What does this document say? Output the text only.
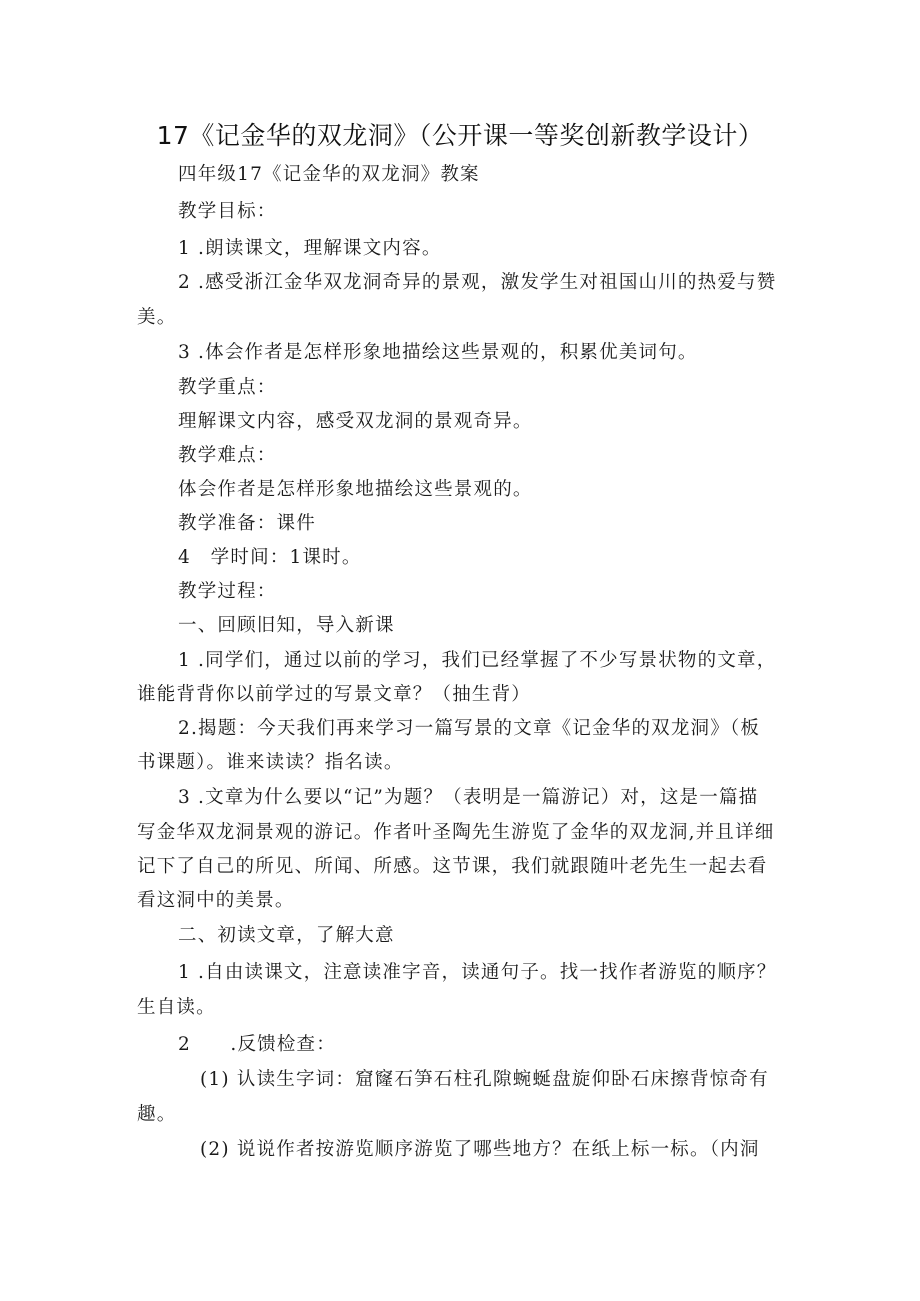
17《记金华的双龙洞》（公开课一等奖创新教学设计）
四年级17《记金华的双龙洞》教案
教学目标：
1 .朗读课文，理解课文内容。
2 .感受浙江金华双龙洞奇异的景观，激发学生对祖国山川的热爱与赞
美。
3 .体会作者是怎样形象地描绘这些景观的，积累优美词句。
教学重点：
理解课文内容，感受双龙洞的景观奇异。
教学难点：
体会作者是怎样形象地描绘这些景观的。
教学准备：课件
4　学时间：1课时。
教学过程：
一、回顾旧知，导入新课
1 .同学们，通过以前的学习，我们已经掌握了不少写景状物的文章，
谁能背背你以前学过的写景文章？（抽生背）
2.揭题：今天我们再来学习一篇写景的文章《记金华的双龙洞》（板
书课题）。谁来读读？指名读。
3 .文章为什么要以“记”为题？（表明是一篇游记）对，这是一篇描
写金华双龙洞景观的游记。作者叶圣陶先生游览了金华的双龙洞,并且详细
记下了自己的所见、所闻、所感。这节课，我们就跟随叶老先生一起去看
看这洞中的美景。
二、初读文章，了解大意
1 .自由读课文，注意读准字音，读通句子。找一找作者游览的顺序？
生自读。
2　　.反馈检查：
(1) 认读生字词：窟窿石笋石柱孔隙蜿蜒盘旋仰卧石床擦背惊奇有
趣。
(2) 说说作者按游览顺序游览了哪些地方？在纸上标一标。（内洞
